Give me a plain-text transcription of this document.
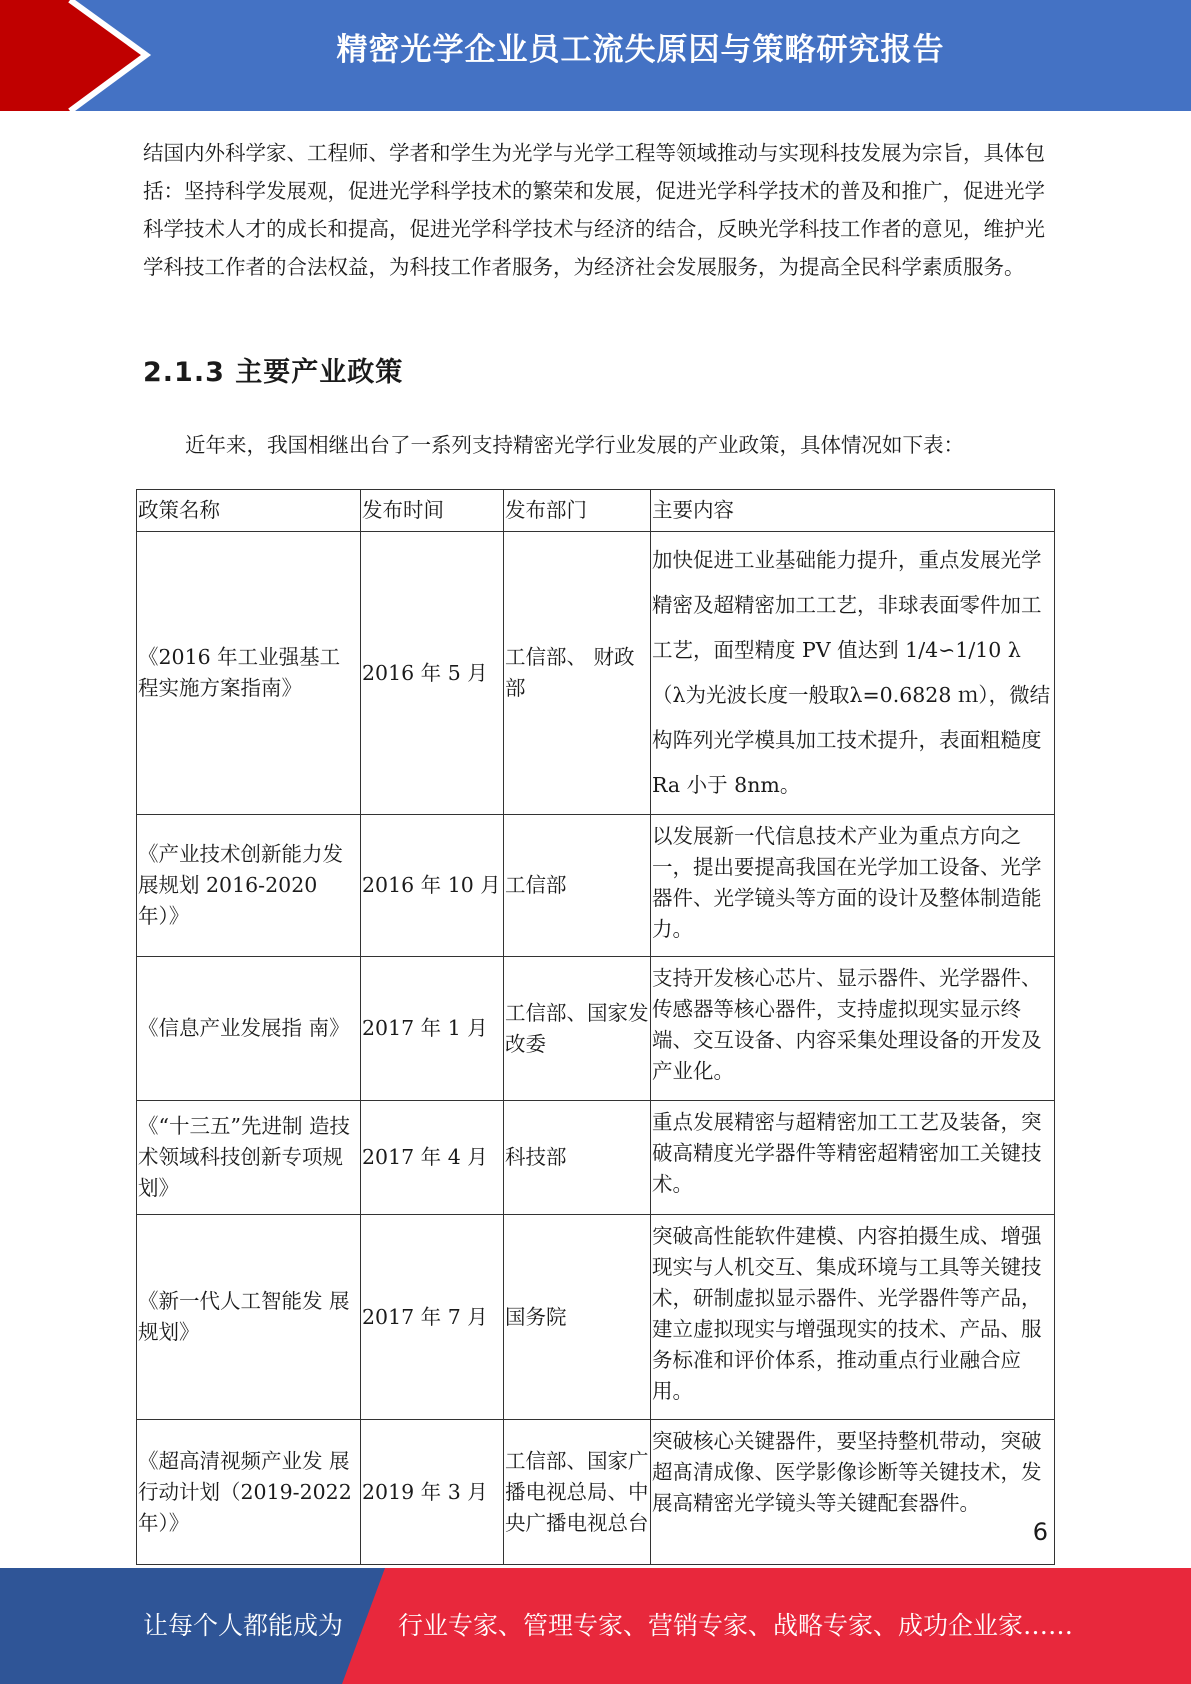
精密光学企业员工流失原因与策略研究报告

结国内外科学家、工程师、学者和学生为光学与光学工程等领域推动与实现科技发展为宗旨，具体包括：坚持科学发展观，促进光学科学技术的繁荣和发展，促进光学科学技术的普及和推广，促进光学科学技术人才的成长和提高，促进光学科学技术与经济的结合，反映光学科技工作者的意见，维护光学科技工作者的合法权益，为科技工作者服务，为经济社会发展服务，为提高全民科学素质服务。

2.1.3 主要产业政策

近年来，我国相继出台了一系列支持精密光学行业发展的产业政策，具体情况如下表：

政策名称	发布时间	发布部门	主要内容
《2016 年工业强基工程实施方案指南》	2016 年 5 月	工信部、 财政部	加快促进工业基础能力提升，重点发展光学精密及超精密加工工艺，非球表面零件加工工艺，面型精度 PV 值达到 1/4∽1/10 λ（λ为光波长度一般取λ=0.6828 ｍ），微结构阵列光学模具加工技术提升，表面粗糙度 Ra 小于 8nm。
《产业技术创新能力发展规划 2016-2020 年）》	2016 年 10 月	工信部	以发展新一代信息技术产业为重点方向之一，提出要提高我国在光学加工设备、光学器件、光学镜头等方面的设计及整体制造能力。
《信息产业发展指 南》	2017 年 1 月	工信部、国家发改委	支持开发核心芯片、显示器件、光学器件、传感器等核心器件，支持虚拟现实显示终端、交互设备、内容采集处理设备的开发及产业化。
《“十三五”先进制 造技术领域科技创新专项规划》	2017 年 4 月	科技部	重点发展精密与超精密加工工艺及装备，突破高精度光学器件等精密超精密加工关键技术。
《新一代人工智能发 展规划》	2017 年 7 月	国务院	突破高性能软件建模、内容拍摄生成、增强现实与人机交互、集成环境与工具等关键技术，研制虚拟显示器件、光学器件等产品，建立虚拟现实与增强现实的技术、产品、服务标准和评价体系，推动重点行业融合应用。
《超高清视频产业发 展行动计划（2019-2022 年）》	2019 年 3 月	工信部、国家广播电视总局、中央广播电视总台	突破核心关键器件，要坚持整机带动，突破超髙清成像、医学影像诊断等关键技术，发展高精密光学镜头等关键配套器件。

6

让每个人都能成为 行业专家、管理专家、营销专家、战略专家、成功企业家……
